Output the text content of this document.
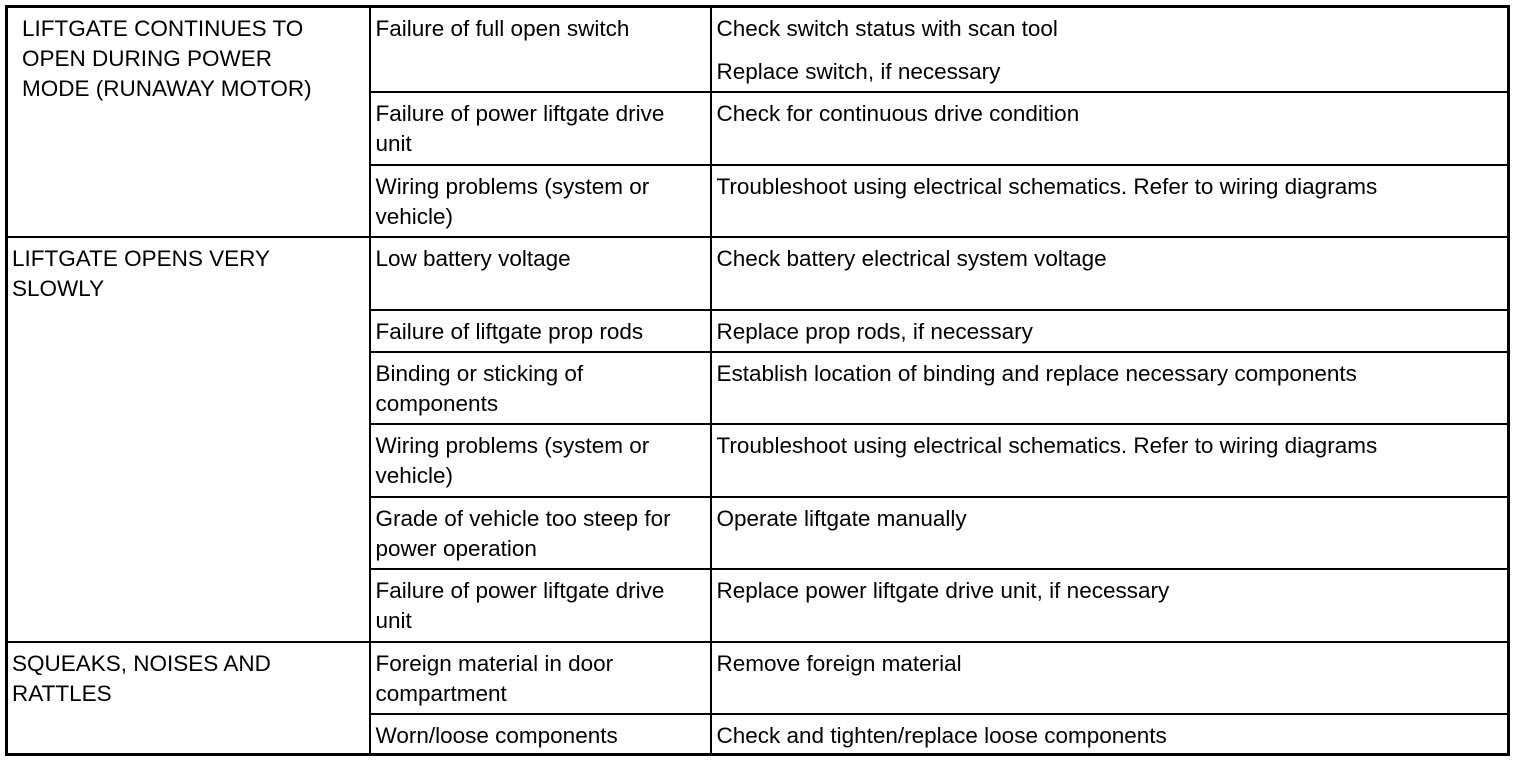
LIFTGATE CONTINUES TO
OPEN DURING POWER
MODE (RUNAWAY MOTOR)	Failure of full open switch	Check switch status with scan tool
Replace switch, if necessary

	Failure of power liftgate drive
unit	Check for continuous drive condition

	Wiring problems (system or
vehicle)	Troubleshoot using electrical schematics. Refer to wiring diagrams

LIFTGATE OPENS VERY
SLOWLY	Low battery voltage	Check battery electrical system voltage

	Failure of liftgate prop rods	Replace prop rods, if necessary

	Binding or sticking of
components	Establish location of binding and replace necessary components

	Wiring problems (system or
vehicle)	Troubleshoot using electrical schematics. Refer to wiring diagrams

	Grade of vehicle too steep for
power operation	Operate liftgate manually

	Failure of power liftgate drive
unit	Replace power liftgate drive unit, if necessary

SQUEAKS, NOISES AND
RATTLES	Foreign material in door
compartment	Remove foreign material

	Worn/loose components	Check and tighten/replace loose components
